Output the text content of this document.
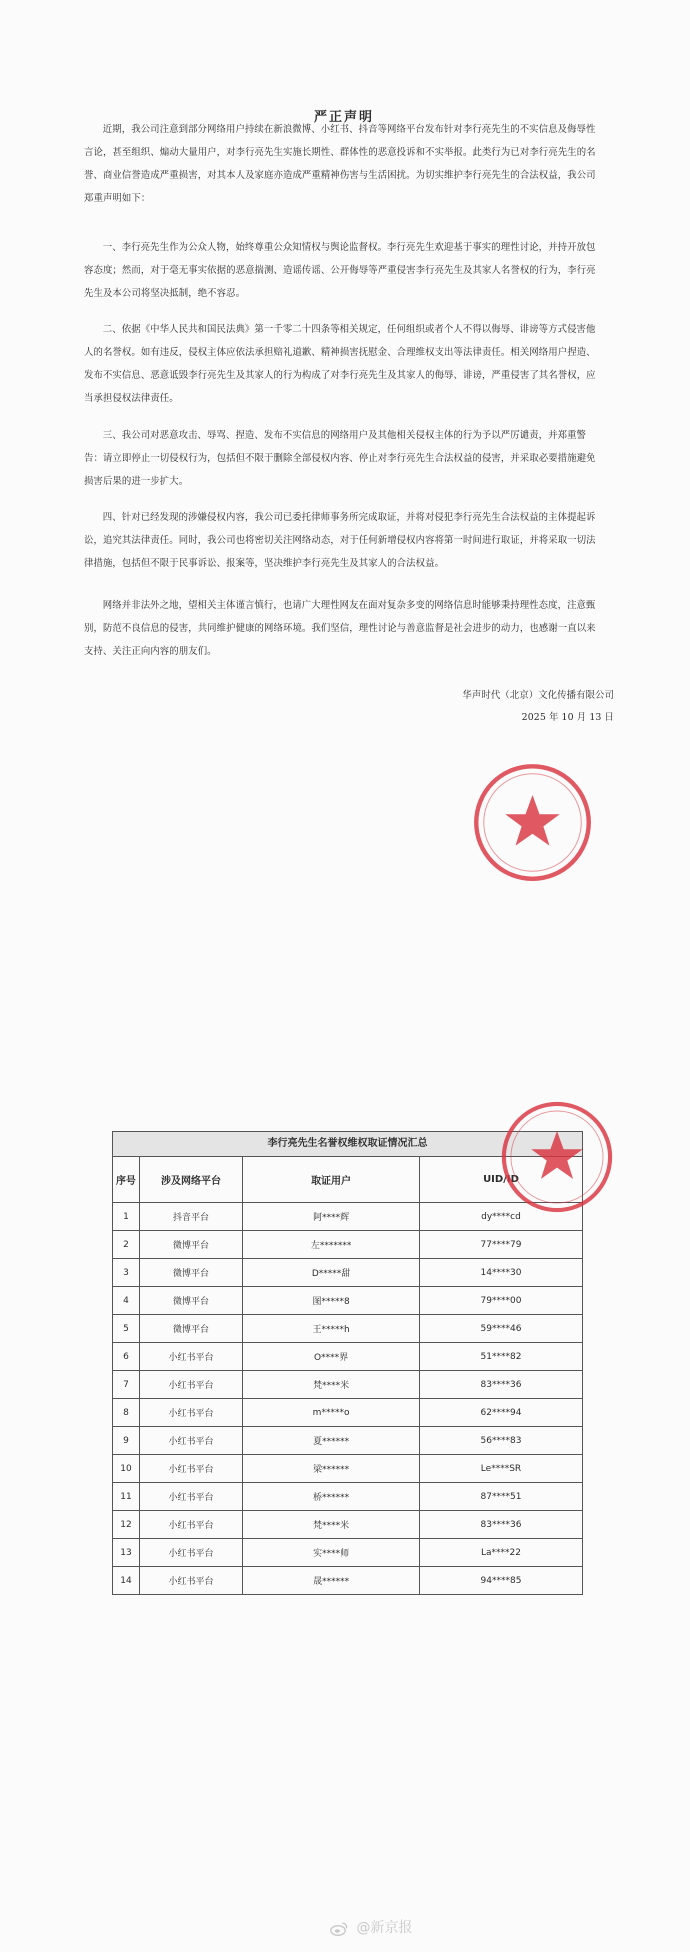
严正声明

近期，我公司注意到部分网络用户持续在新浪微博、小红书、抖音等网络平台发布针对李行亮先生的不实信息及侮辱性言论，甚至组织、煽动大量用户，对李行亮先生实施长期性、群体性的恶意投诉和不实举报。此类行为已对李行亮先生的名誉、商业信誉造成严重损害，对其本人及家庭亦造成严重精神伤害与生活困扰。为切实维护李行亮先生的合法权益，我公司郑重声明如下：

一、李行亮先生作为公众人物，始终尊重公众知情权与舆论监督权。李行亮先生欢迎基于事实的理性讨论，并持开放包容态度；然而，对于毫无事实依据的恶意揣测、造谣传谣、公开侮辱等严重侵害李行亮先生及其家人名誉权的行为，李行亮先生及本公司将坚决抵制，绝不容忍。

二、依据《中华人民共和国民法典》第一千零二十四条等相关规定，任何组织或者个人不得以侮辱、诽谤等方式侵害他人的名誉权。如有违反，侵权主体应依法承担赔礼道歉、精神损害抚慰金、合理维权支出等法律责任。相关网络用户捏造、发布不实信息、恶意诋毁李行亮先生及其家人的行为构成了对李行亮先生及其家人的侮辱、诽谤，严重侵害了其名誉权，应当承担侵权法律责任。

三、我公司对恶意攻击、辱骂、捏造、发布不实信息的网络用户及其他相关侵权主体的行为予以严厉谴责，并郑重警告：请立即停止一切侵权行为，包括但不限于删除全部侵权内容、停止对李行亮先生合法权益的侵害，并采取必要措施避免损害后果的进一步扩大。

四、针对已经发现的涉嫌侵权内容，我公司已委托律师事务所完成取证，并将对侵犯李行亮先生合法权益的主体提起诉讼，追究其法律责任。同时，我公司也将密切关注网络动态，对于任何新增侵权内容将第一时间进行取证，并将采取一切法律措施，包括但不限于民事诉讼、报案等，坚决维护李行亮先生及其家人的合法权益。

网络并非法外之地，望相关主体谨言慎行，也请广大理性网友在面对复杂多变的网络信息时能够秉持理性态度，注意甄别，防范不良信息的侵害，共同维护健康的网络环境。我们坚信，理性讨论与善意监督是社会进步的动力，也感谢一直以来支持、关注正向内容的朋友们。

华声时代（北京）文化传播有限公司
2025 年 10 月 13 日
李行亮先生名誉权维权取证情况汇总
序号	涉及网络平台	取证用户	UID/ID
1	抖音平台	阿****辉	dy****cd
2	微博平台	左*******	77****79
3	微博平台	D*****甜	14****30
4	微博平台	图*****8	79****00
5	微博平台	王*****h	59****46
6	小红书平台	O****界	51****82
7	小红书平台	梵****米	83****36
8	小红书平台	m*****o	62****94
9	小红书平台	夏******	56****83
10	小红书平台	梁******	Le****SR
11	小红书平台	桥******	87****51
12	小红书平台	梵****米	83****36
13	小红书平台	实****师	La****22
14	小红书平台	晟******	94****85
@新京报
